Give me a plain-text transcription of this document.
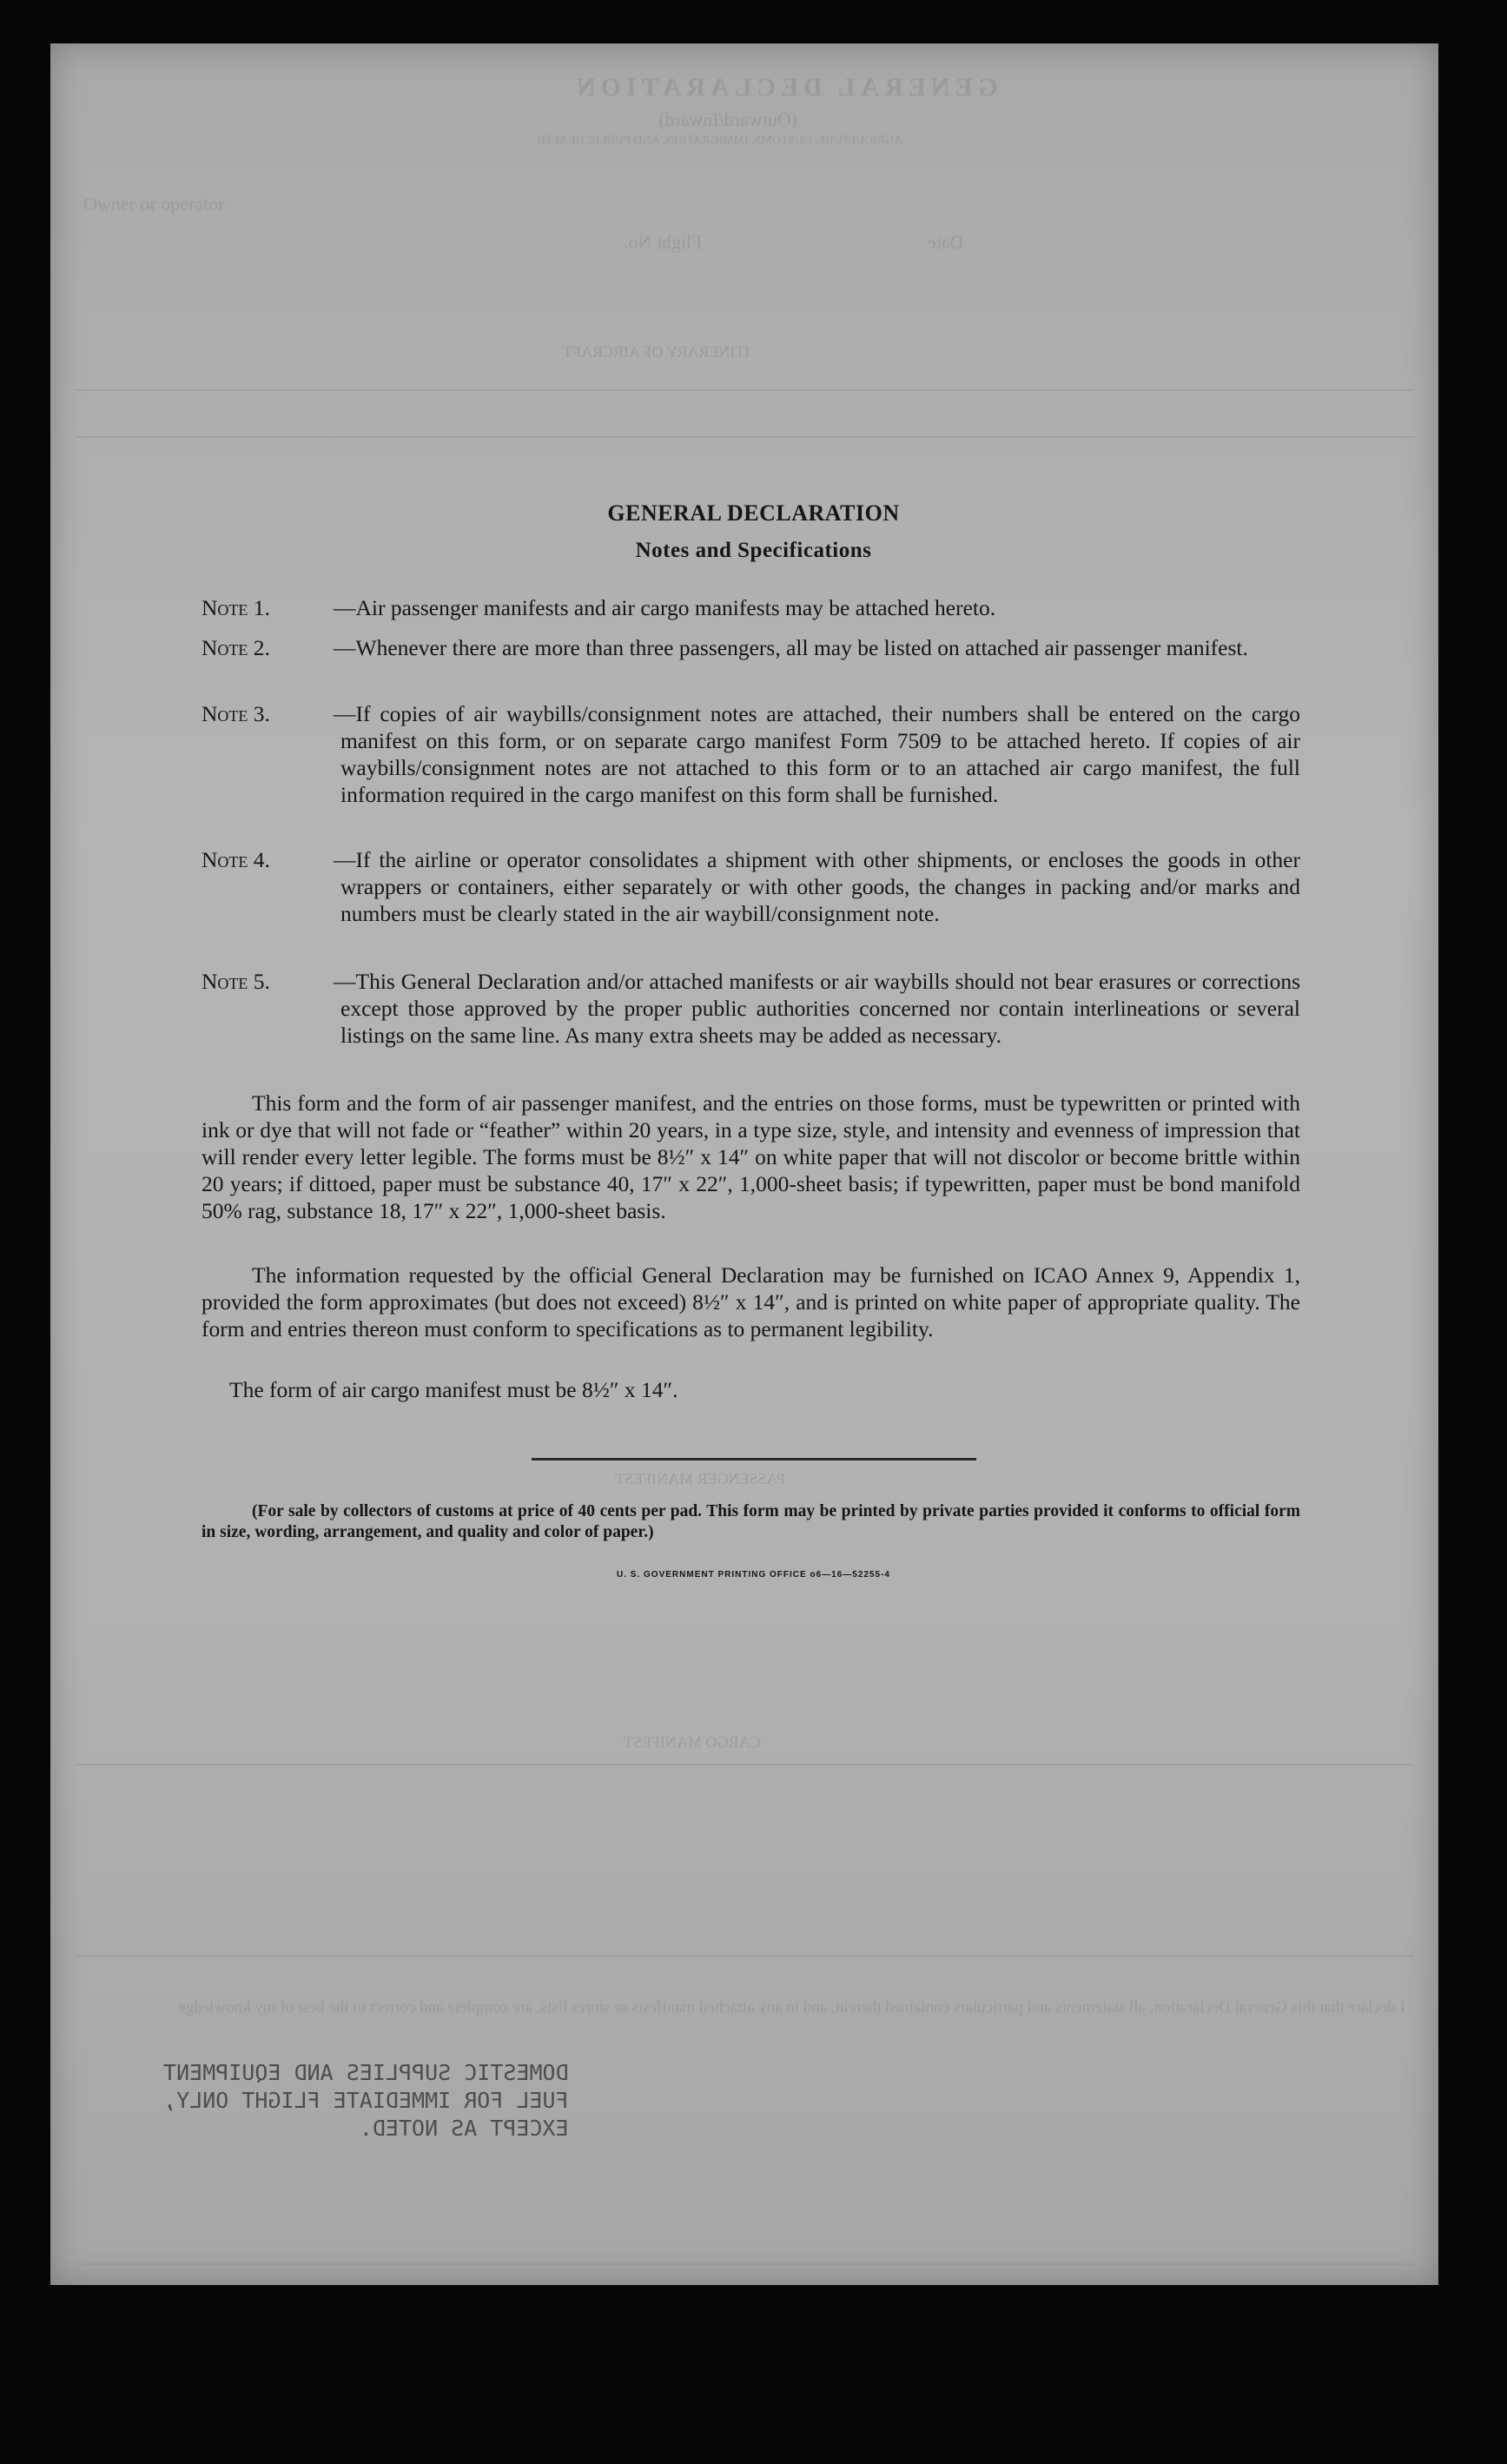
GENERAL DECLARATION
(Outward/Inward)
AGRICULTURE, CUSTOMS, IMMIGRATION, AND PUBLIC HEALTH
Owner or operator
Flight No.	Date
ITINERARY OF AIRCRAFT
PASSENGER MANIFEST
CARGO MANIFEST
I declare that this General Declaration, all statements and particulars contained therein, and in any attached manifests or stores lists, are complete and correct to the best of my knowledge
GENERAL DECLARATION
Notes and Specifications
Note 1.	—Air passenger manifests and air cargo manifests may be attached hereto.
Note 2.	—Whenever there are more than three passengers, all may be listed on attached air passenger manifest.
Note 3.	—If copies of air waybills/consignment notes are attached, their numbers shall be entered on the cargo manifest on this form, or on separate cargo manifest Form 7509 to be attached hereto. If copies of air waybills/consignment notes are not attached to this form or to an attached air cargo manifest, the full information required in the cargo manifest on this form shall be furnished.
Note 4.	—If the airline or operator consolidates a shipment with other shipments, or encloses the goods in other wrappers or containers, either separately or with other goods, the changes in packing and/or marks and numbers must be clearly stated in the air waybill/consignment note.
Note 5.	—This General Declaration and/or attached manifests or air waybills should not bear erasures or corrections except those approved by the proper public authorities concerned nor contain interlineations or several listings on the same line. As many extra sheets may be added as necessary.
This form and the form of air passenger manifest, and the entries on those forms, must be typewritten or printed with ink or dye that will not fade or “feather” within 20 years, in a type size, style, and intensity and evenness of impression that will render every letter legible. The forms must be 8½″ x 14″ on white paper that will not discolor or become brittle within 20 years; if dittoed, paper must be substance 40, 17″ x 22″, 1,000-sheet basis; if typewritten, paper must be bond manifold 50% rag, substance 18, 17″ x 22″, 1,000-sheet basis.
The information requested by the official General Declaration may be furnished on ICAO Annex 9, Appendix 1, provided the form approximates (but does not exceed) 8½″ x 14″, and is printed on white paper of appropriate quality. The form and entries thereon must conform to specifications as to permanent legibility.
The form of air cargo manifest must be 8½″ x 14″.
(For sale by collectors of customs at price of 40 cents per pad. This form may be printed by private parties provided it conforms to official form in size, wording, arrangement, and quality and color of paper.)
U. S. GOVERNMENT PRINTING OFFICE o6—16—52255-4
DOMESTIC SUPPLIES AND EQUIPMENT
FUEL FOR IMMEDIATE FLIGHT ONLY,
EXCEPT AS NOTED.
